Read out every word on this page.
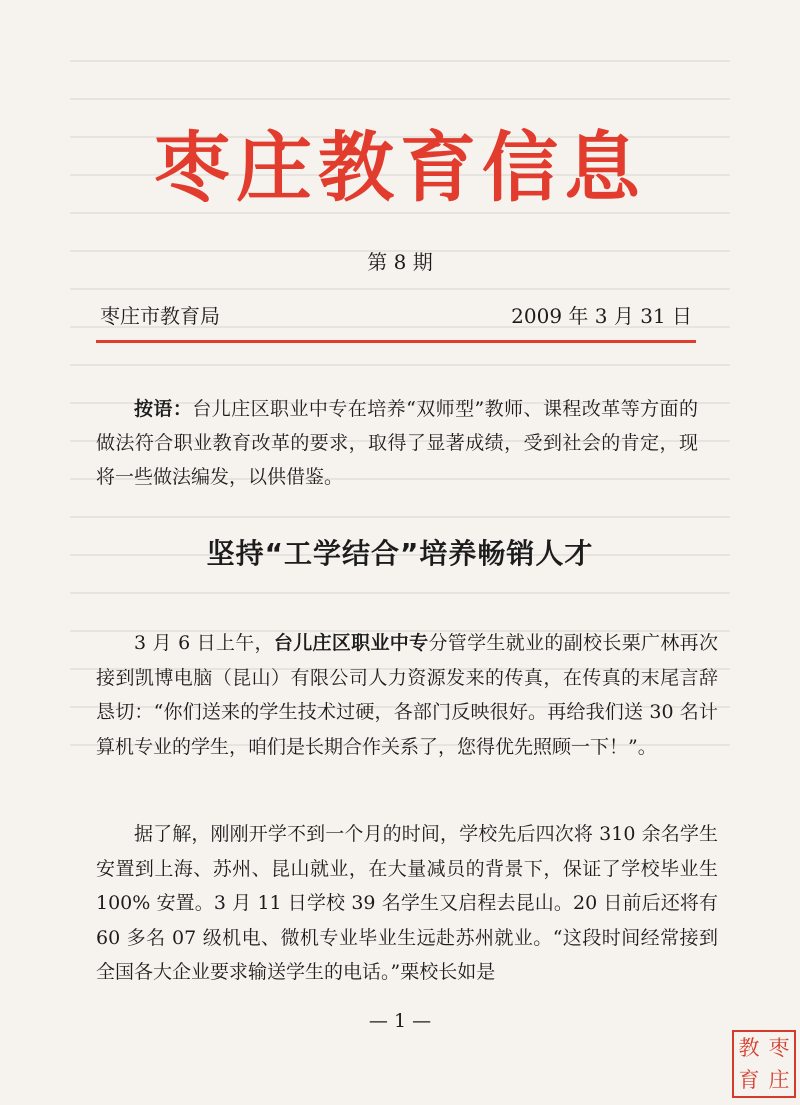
枣庄教育信息
第 8 期
枣庄市教育局	2009 年 3 月 31 日
按语：台儿庄区职业中专在培养“双师型”教师、课程改革等方面的做法符合职业教育改革的要求，取得了显著成绩，受到社会的肯定，现将一些做法编发，以供借鉴。
坚持“工学结合”培养畅销人才

3 月 6 日上午，台儿庄区职业中专分管学生就业的副校长栗广林再次接到凯博电脑（昆山）有限公司人力资源发来的传真，在传真的末尾言辞恳切：“你们送来的学生技术过硬，各部门反映很好。再给我们送 30 名计算机专业的学生，咱们是长期合作关系了，您得优先照顾一下！”。

据了解，刚刚开学不到一个月的时间，学校先后四次将 310 余名学生安置到上海、苏州、昆山就业，在大量减员的背景下，保证了学校毕业生 100% 安置。3 月 11 日学校 39 名学生又启程去昆山。20 日前后还将有 60 多名 07 级机电、微机专业毕业生远赴苏州就业。“这段时间经常接到全国各大企业要求输送学生的电话。”栗校长如是

— 1 —
教 枣
育 庄
